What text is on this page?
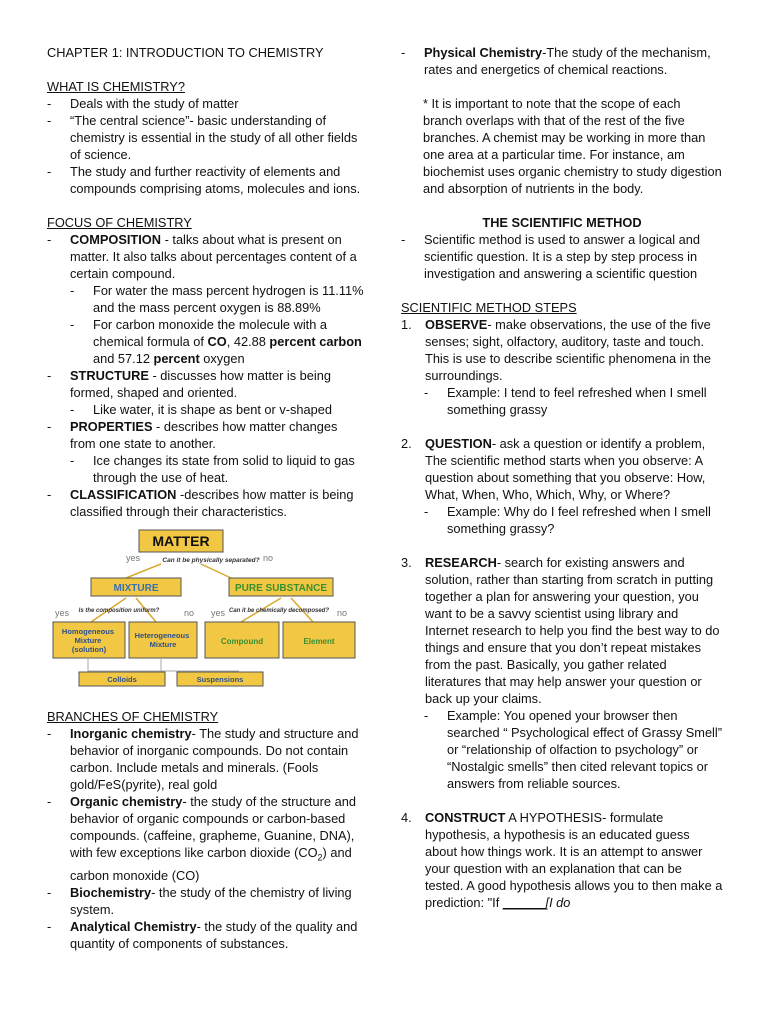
CHAPTER 1: INTRODUCTION TO CHEMISTRY
WHAT IS CHEMISTRY?
-	Deals with the study of matter
-	“The central science”- basic understanding of chemistry is essential in the study of all other fields of science.
-	The study and further reactivity of elements and compounds comprising atoms, molecules and ions.
FOCUS OF CHEMISTRY
-	COMPOSITION - talks about what is present on matter. It also talks about percentages content of a certain compound.
-	For water the mass percent hydrogen is 11.11% and the mass percent oxygen is 88.89%
-	For carbon monoxide the molecule with a chemical formula of CO, 42.88 percent carbon and 57.12 percent oxygen
-	STRUCTURE - discusses how matter is being formed, shaped and oriented.
-	Like water, it is shape as bent or v-shaped
-	PROPERTIES - describes how matter changes from one state to another.
-	Ice changes its state from solid to liquid to gas through the use of heat.
-	CLASSIFICATION -describes how matter is being classified through their characteristics.
MATTER
yes	no
Can it be physically separated?
MIXTURE	PURE SUBSTANCE
yes	no
Is the composition uniform?	yes	no
Can it be chemically decomposed?
Homogeneous Mixture (solution)
Heterogeneous Mixture	Compound	Element
Colloids	Suspensions
BRANCHES OF CHEMISTRY
-	Inorganic chemistry- The study and structure and behavior of inorganic compounds. Do not contain carbon. Include metals and minerals. (Fools gold/FeS(pyrite), real gold
-	Organic chemistry- the study of the structure and behavior of organic compounds or carbon-based compounds. (caffeine, grapheme, Guanine, DNA), with few exceptions like carbon dioxide $(CO_2)$ and carbon monoxide (CO)
-	Biochemistry- the study of the chemistry of living system.
-	Analytical Chemistry- the study of the quality and quantity of components of substances.
-	Physical Chemistry-The study of the mechanism, rates and energetics of chemical reactions.
* It is important to note that the scope of each branch overlaps with that of the rest of the five branches. A chemist may be working in more than one area at a particular time. For instance, am biochemist uses organic chemistry to study digestion and absorption of nutrients in the body.
THE SCIENTIFIC METHOD
-	Scientific method is used to answer a logical and scientific question. It is a step by step process in investigation and answering a scientific question
SCIENTIFIC METHOD STEPS
1.	OBSERVE- make observations, the use of the five senses; sight, olfactory, auditory, taste and touch. This is use to describe scientific phenomena in the surroundings.
-	Example: I tend to feel refreshed when I smell something grassy
2.	QUESTION- ask a question or identify a problem, The scientific method starts when you observe: A question about something that you observe: How, What, When, Who, Which, Why, or Where?
-	Example: Why do I feel refreshed when I smell something grassy?
3.	RESEARCH- search for existing answers and solution, rather than starting from scratch in putting together a plan for answering your question, you want to be a savvy scientist using library and Internet research to help you find the best way to do things and ensure that you don’t repeat mistakes from the past. Basically, you gather related literatures that may help answer your question or back up your claims.
-	Example: You opened your browser then searched “ Psychological effect of Grassy Smell” or “relationship of olfaction to psychology” or “Nostalgic smells” then cited relevant topics or answers from reliable sources.
4.	CONSTRUCT A HYPOTHESIS- formulate hypothesis, a hypothesis is an educated guess about how things work. It is an attempt to answer your question with an explanation that can be tested. A good hypothesis allows you to then make a prediction: "If ______[I do
